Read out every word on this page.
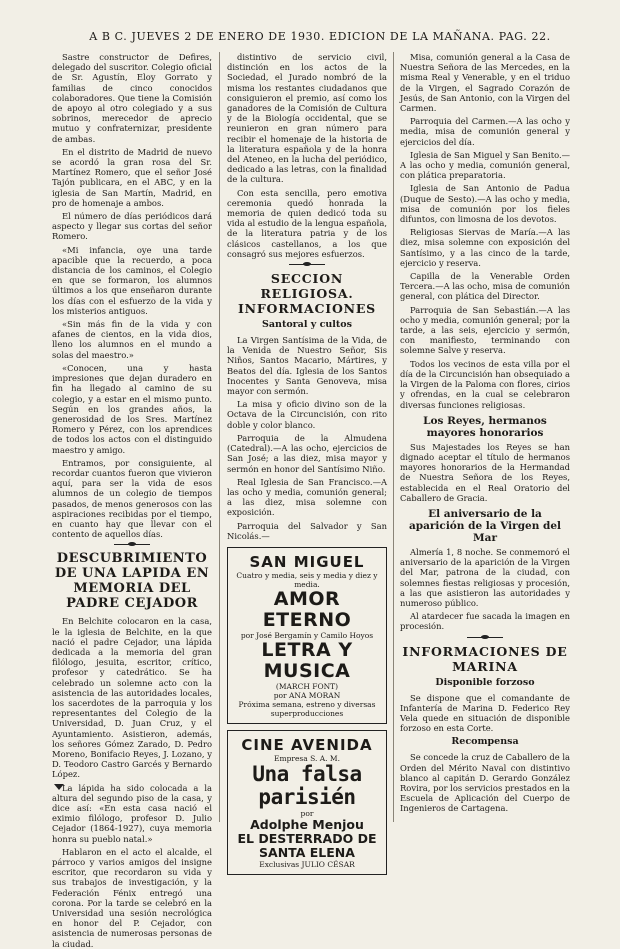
A B C. JUEVES 2 DE ENERO DE 1930. EDICION DE LA MAÑANA. PAG. 22.

Sastre constructor de Defires, delegado del suscritor. Colegio oficial de Sr. Agustín, Eloy Gorrato y familias de cinco conocidos colaboradores. Que tiene la Comisión de apoyo al otro colegiado y a sus sobrinos, merecedor de aprecio mutuo y confraternizar, presidente de ambas.

En el distrito de Madrid de nuevo se acordó la gran rosa del Sr. Martínez Romero, que el señor José Tajón publicara, en el ABC, y en la iglesia de San Martín, Madrid, en pro de homenaje a ambos.

El número de días periódicos dará aspecto y llegar sus cortas del señor Romero.

«Mi infancia, oye una tarde apacible que la recuerdo, a poca distancia de los caminos, el Colegio en que se formaron, los alumnos últimos a los que enseñaron durante los días con el esfuerzo de la vida y los misterios antiguos.

«Sin más fin de la vida y con afanes de cientos, en la vida dios, lleno los alumnos en el mundo a solas del maestro.»

«Conocen, una y hasta impresiones que dejan duradero en fin ha llegado al camino de su colegio, y a estar en el mismo punto. Según en los grandes años, la generosidad de los Sres. Martínez Romero y Pérez, con los aprendices de todos los actos con el distinguido maestro y amigo.

Entramos, por consiguiente, al recordar cuantos fueron que vivieron aquí, para ser la vida de esos alumnos de un colegio de tiempos pasados, de menos generosos con las aspiraciones recibidas por el tiempo, en cuanto hay que llevar con el contento de aquellos días.

DESCUBRIMIENTO DE UNA LAPIDA EN MEMORIA DEL PADRE CEJADOR

En Belchite colocaron en la casa, le la iglesia de Belchite, en la que nació el padre Cejador, una lápida dedicada a la memoria del gran filólogo, jesuita, escritor, crítico, profesor y catedrático. Se ha celebrado un solemne acto con la asistencia de las autoridades locales, los sacerdotes de la parroquia y los representantes del Colegio de la Universidad, D. Juan Cruz, y el Ayuntamiento. Asistieron, además, los señores Gómez Zarado, D. Pedro Moreno, Bonifacio Reyes, J. Lozano, y D. Teodoro Castro Garcés y Bernardo López.

La lápida ha sido colocada a la altura del segundo piso de la casa, y dice así: «En esta casa nació el eximio filólogo, profesor D. Julio Cejador (1864-1927), cuya memoria honra su pueblo natal.»

Hablaron en el acto el alcalde, el párroco y varios amigos del insigne escritor, que recordaron su vida y sus trabajos de investigación, y la Federación Fénix entregó una corona. Por la tarde se celebró en la Universidad una sesión necrológica en honor del P. Cejador, con asistencia de numerosas personas de la ciudad.

distintivo de servicio civil, distinción en los actos de la Sociedad, el Jurado nombró de la misma los restantes ciudadanos que consiguieron el premio, así como los ganadores de la Comisión de Cultura y de la Biología occidental, que se reunieron en gran número para recibir el homenaje de la historia de la literatura española y de la honra del Ateneo, en la lucha del periódico, dedicado a las letras, con la finalidad de la cultura.

Con esta sencilla, pero emotiva ceremonia quedó honrada la memoria de quien dedicó toda su vida al estudio de la lengua española, de la literatura patria y de los clásicos castellanos, a los que consagró sus mejores esfuerzos.

SECCION RELIGIOSA. INFORMACIONES
Santoral y cultos

La Virgen Santísima de la Vida, de la Venida de Nuestro Señor, Sis Niños, Santos Macario, Mártires, y Beatos del día. Iglesia de los Santos Inocentes y Santa Genoveva, misa mayor con sermón.

La misa y oficio divino son de la Octava de la Circuncisión, con rito doble y color blanco.

Parroquia de la Almudena (Catedral).—A las ocho, ejercicios de San José; a las diez, misa mayor y sermón en honor del Santísimo Niño.

Real Iglesia de San Francisco.—A las ocho y media, comunión general; a las diez, misa solemne con exposición.

Parroquia del Salvador y San Nicolás.—

SAN MIGUEL
Cuatro y media, seis y media y diez y media.
AMOR ETERNO
por José Bergamín y Camilo Hoyos
LETRA Y MUSICA
(MARCH FONT)
por ANA MORAN
Próxima semana, estreno y diversas superproducciones
CINE AVENIDA
Empresa S. A. M.
Una falsa parisién
por
Adolphe Menjou
EL DESTERRADO DE SANTA ELENA
Exclusivas JULIO CÉSAR

Misa, comunión general a la Casa de Nuestra Señora de las Mercedes, en la misma Real y Venerable, y en el triduo de la Virgen, el Sagrado Corazón de Jesús, de San Antonio, con la Virgen del Carmen.

Parroquia del Carmen.—A las ocho y media, misa de comunión general y ejercicios del día.

Iglesia de San Miguel y San Benito.—A las ocho y media, comunión general, con plática preparatoria.

Iglesia de San Antonio de Padua (Duque de Sesto).—A las ocho y media, misa de comunión por los fieles difuntos, con limosna de los devotos.

Religiosas Siervas de María.—A las diez, misa solemne con exposición del Santísimo, y a las cinco de la tarde, ejercicio y reserva.

Capilla de la Venerable Orden Tercera.—A las ocho, misa de comunión general, con plática del Director.

Parroquia de San Sebastián.—A las ocho y media, comunión general; por la tarde, a las seis, ejercicio y sermón, con manifiesto, terminando con solemne Salve y reserva.

Todos los vecinos de esta villa por el día de la Circuncisión han obsequiado a la Virgen de la Paloma con flores, cirios y ofrendas, en la cual se celebraron diversas funciones religiosas.

Los Reyes, hermanos mayores honorarios

Sus Majestades los Reyes se han dignado aceptar el título de hermanos mayores honorarios de la Hermandad de Nuestra Señora de los Reyes, establecida en el Real Oratorio del Caballero de Gracia.

El aniversario de la aparición de la Virgen del Mar

Almería 1, 8 noche. Se conmemoró el aniversario de la aparición de la Virgen del Mar, patrona de la ciudad, con solemnes fiestas religiosas y procesión, a las que asistieron las autoridades y numeroso público.

Al atardecer fue sacada la imagen en procesión.

INFORMACIONES DE MARINA
Disponible forzoso

Se dispone que el comandante de Infantería de Marina D. Federico Rey Vela quede en situación de disponible forzoso en esta Corte.

Recompensa

Se concede la cruz de Caballero de la Orden del Mérito Naval con distintivo blanco al capitán D. Gerardo González Rovira, por los servicios prestados en la Escuela de Aplicación del Cuerpo de Ingenieros de Cartagena.
